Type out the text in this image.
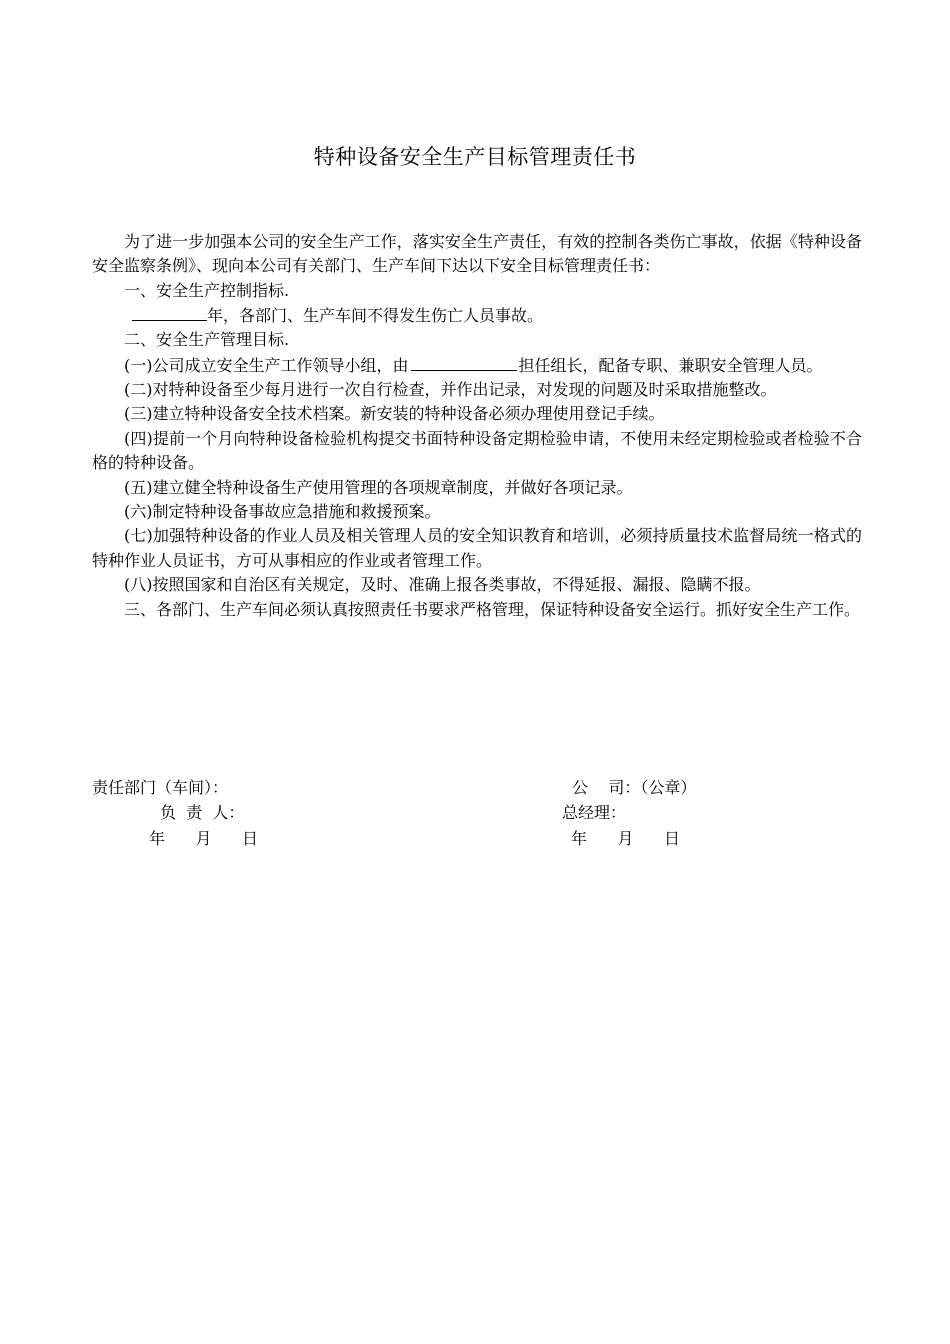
特种设备安全生产目标管理责任书

为了进一步加强本公司的安全生产工作，落实安全生产责任，有效的控制各类伤亡事故，依据《特种设备安全监察条例》、现向本公司有关部门、生产车间下达以下安全目标管理责任书：

一、安全生产控制指标.

年，各部门、生产车间不得发生伤亡人员事故。

二、安全生产管理目标.

(一)公司成立安全生产工作领导小组，由	担任组长，配备专职、兼职安全管理人员。

(二)对特种设备至少每月进行一次自行检查，并作出记录，对发现的问题及时采取措施整改。

(三)建立特种设备安全技术档案。新安装的特种设备必须办理使用登记手续。

(四)提前一个月向特种设备检验机构提交书面特种设备定期检验申请，不使用未经定期检验或者检验不合格的特种设备。

(五)建立健全特种设备生产使用管理的各项规章制度，并做好各项记录。

(六)制定特种设备事故应急措施和救援预案。

(七)加强特种设备的作业人员及相关管理人员的安全知识教育和培训，必须持质量技术监督局统一格式的特种作业人员证书，方可从事相应的作业或者管理工作。

(八)按照国家和自治区有关规定，及时、准确上报各类事故，不得延报、漏报、隐瞒不报。

三、各部门、生产车间必须认真按照责任书要求严格管理，保证特种设备安全运行。抓好安全生产工作。

责任部门（车间）：
负  责  人：
年      月      日
公    司：（公章）
总经理：
年      月      日
